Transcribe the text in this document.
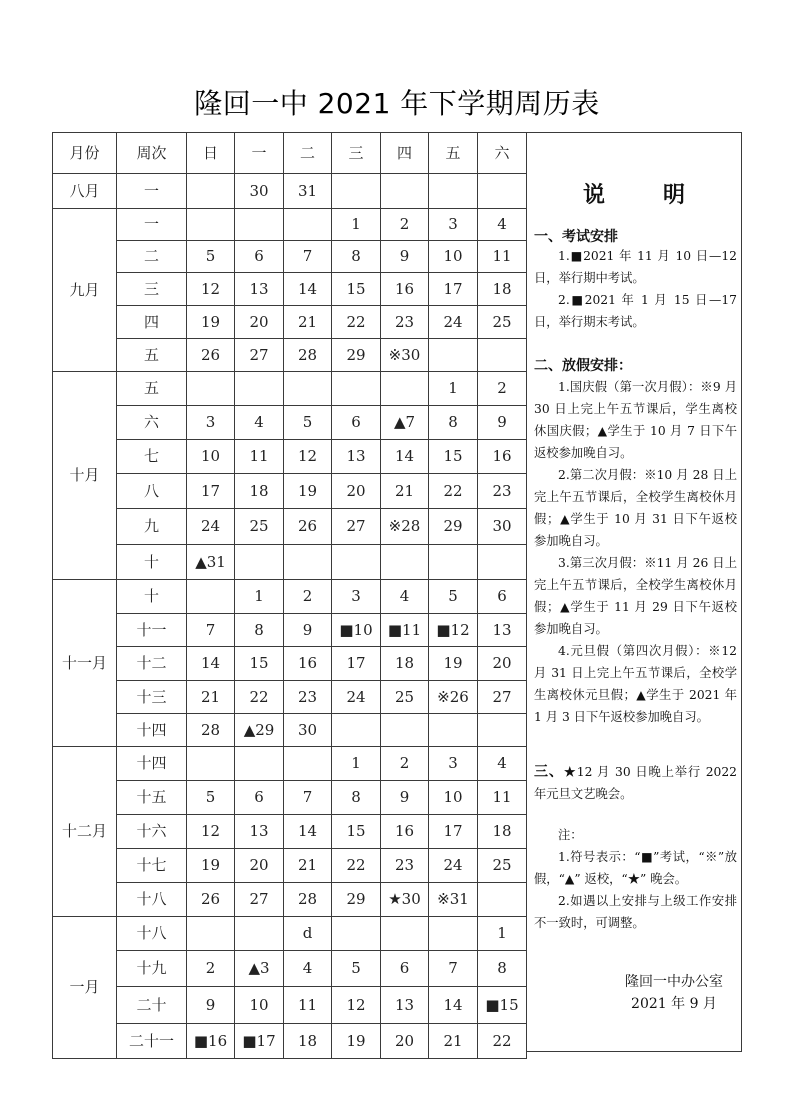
隆回一中 2021 年下学期周历表
月份	周次	日	一	二	三	四	五	六
八月	一		30	31				
九月	一				1	2	3	4
	二	5	6	7	8	9	10	11
	三	12	13	14	15	16	17	18
	四	19	20	21	22	23	24	25
	五	26	27	28	29	※30		
十月	五						1	2
	六	3	4	5	6	▲7	8	9
	七	10	11	12	13	14	15	16
	八	17	18	19	20	21	22	23
	九	24	25	26	27	※28	29	30
	十	▲31						
十一月	十		1	2	3	4	5	6
	十一	7	8	9	■10	■11	■12	13
	十二	14	15	16	17	18	19	20
	十三	21	22	23	24	25	※26	27
	十四	28	▲29	30				
十二月	十四				1	2	3	4
	十五	5	6	7	8	9	10	11
	十六	12	13	14	15	16	17	18
	十七	19	20	21	22	23	24	25
	十八	26	27	28	29	★30	※31	
一月	十八			d				1
	十九	2	▲3	4	5	6	7	8
	二十	9	10	11	12	13	14	■15
	二十一	■16	■17	18	19	20	21	22
说　明
一、考试安排
1.■2021 年 11 月 10 日—12 日，举行期中考试。
2.■2021 年 1 月 15 日—17 日，举行期末考试。
二、放假安排：
1.国庆假（第一次月假）：※9 月 30 日上完上午五节课后，学生离校休国庆假；▲学生于 10 月 7 日下午返校参加晚自习。
2.第二次月假：※10 月 28 日上完上午五节课后，全校学生离校休月假；▲学生于 10 月 31 日下午返校参加晚自习。
3.第三次月假：※11 月 26 日上完上午五节课后，全校学生离校休月假；▲学生于 11 月 29 日下午返校参加晚自习。
4.元旦假（第四次月假）：※12 月 31 日上完上午五节课后，全校学生离校休元旦假；▲学生于 2021 年 1 月 3 日下午返校参加晚自习。
三、★12 月 30 日晚上举行 2022 年元旦文艺晚会。
注：
1.符号表示：“■”考试，“※”放假，“▲” 返校，“★” 晚会。
2.如遇以上安排与上级工作安排不一致时，可调整。
隆回一中办公室
2021 年 9 月
